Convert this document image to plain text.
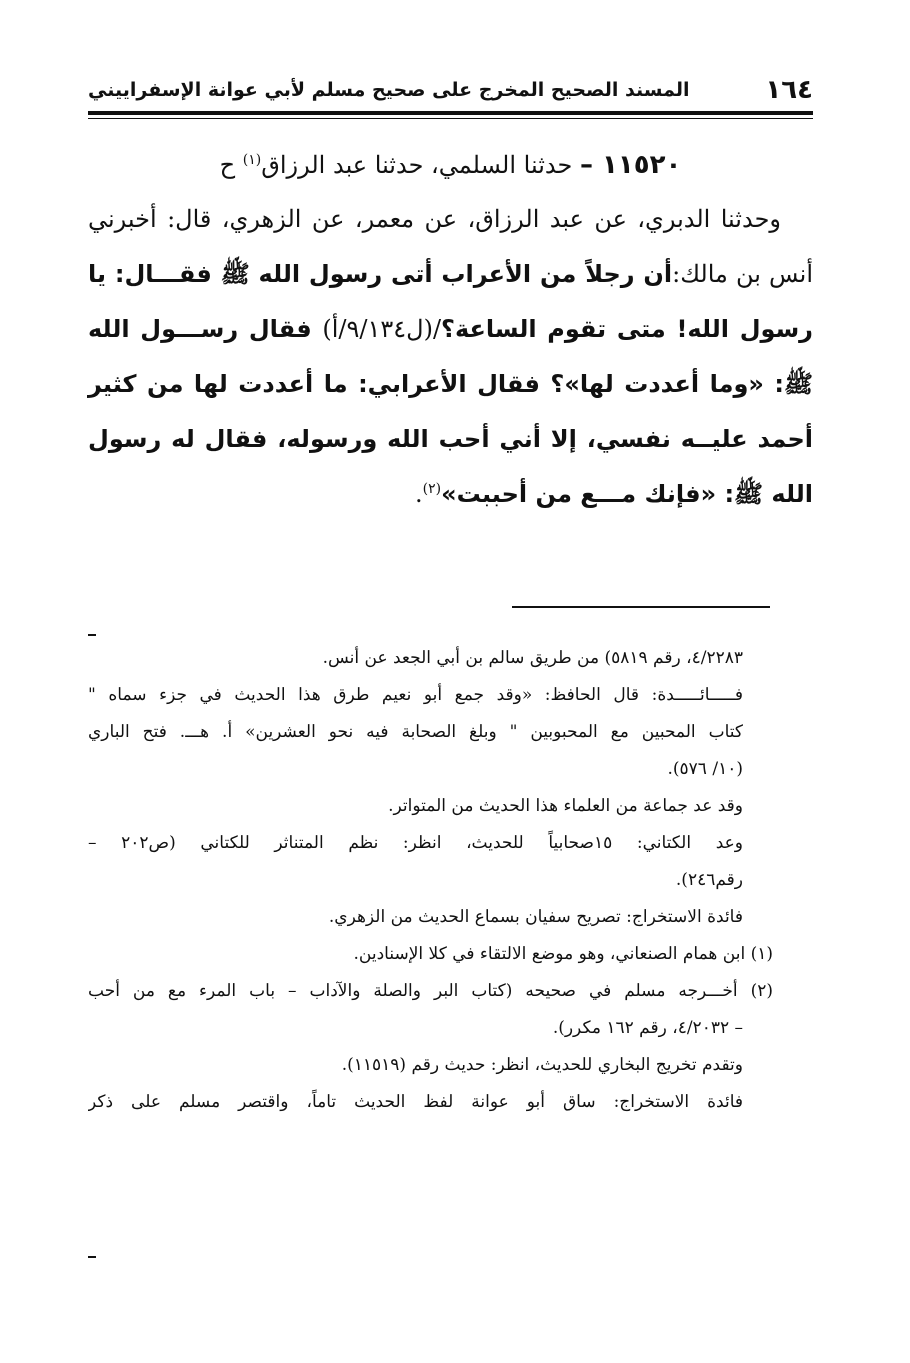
١٦٤
المسند الصحيح المخرج على صحيح مسلم لأبي عوانة الإسفراييني

١١٥٢٠ – حدثنا السلمي، حدثنا عبد الرزاق$^{(١)}$ ح

وحدثنا الدبري، عن عبد الرزاق، عن معمر، عن الزهري، قال: أخبرني أنس بن مالك:أن رجلاً من الأعراب أتى رسول الله ﷺ فقـــال: يا رسول الله! متى تقوم الساعة؟/(ل٩/١٣٤/أ) فقال رســـول الله ﷺ: «وما أعددت لها»؟ فقال الأعرابي: ما أعددت لها من كثير أحمد عليــه نفسي، إلا أني أحب الله ورسوله، فقال له رسول الله ﷺ: «فإنك مـــع من أحببت»$^{(٢)}$.

٤/٢٢٨٣، رقم ٥٨١٩) من طريق سالم بن أبي الجعد عن أنس.

فـــــائـــــدة: قال الحافظ: «وقد جمع أبو نعيم طرق هذا الحديث في جزء سماه "

كتاب المحبين مع المحبوبين " وبلغ الصحابة فيه نحو العشرين» أ. هـــ. فتح الباري

(١٠/ ٥٧٦).

وقد عد جماعة من العلماء هذا الحديث من المتواتر.

وعد الكتاني: ١٥صحابياً للحديث، انظر: نظم المتناثر للكتاني (ص٢٠٢ –

رقم٢٤٦).

فائدة الاستخراج: تصريح سفيان بسماع الحديث من الزهري.

(١) ابن همام الصنعاني، وهو موضع الالتقاء في كلا الإسنادين.

(٢) أخـــرجه مسلم في صحيحه (كتاب البر والصلة والآداب – باب المرء مع من أحب

– ٤/٢٠٣٢، رقم ١٦٢ مكرر).

وتقدم تخريج البخاري للحديث، انظر: حديث رقم (١١٥١٩).

فائدة الاستخراج: ساق أبو عوانة لفظ الحديث تاماً، واقتصر مسلم على ذكر
